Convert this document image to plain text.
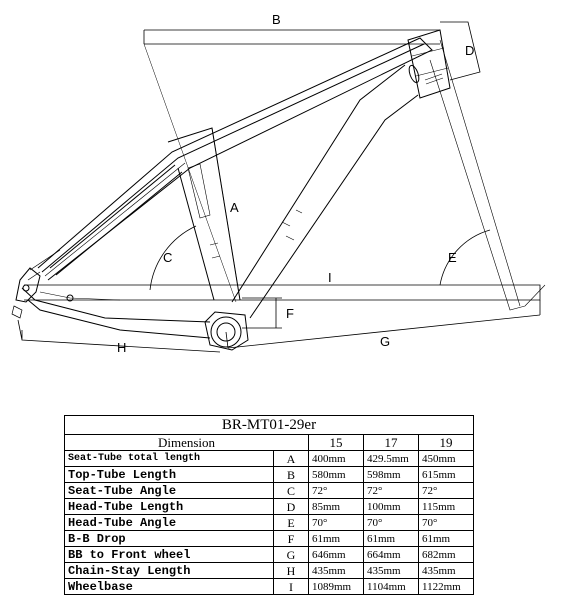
B
D
A
C	E
I
F
G
H
BR-MT01-29er				
Dimension		15	17	19
Seat-Tube total length	A	400mm	429.5mm	450mm
Top-Tube Length	B	580mm	598mm	615mm
Seat-Tube Angle	C	72°	72°	72°
Head-Tube Length	D	85mm	100mm	115mm
Head-Tube Angle	E	70°	70°	70°
B-B Drop	F	61mm	61mm	61mm
BB to Front wheel	G	646mm	664mm	682mm
Chain-Stay Length	H	435mm	435mm	435mm
Wheelbase	I	1089mm	1104mm	1122mm
